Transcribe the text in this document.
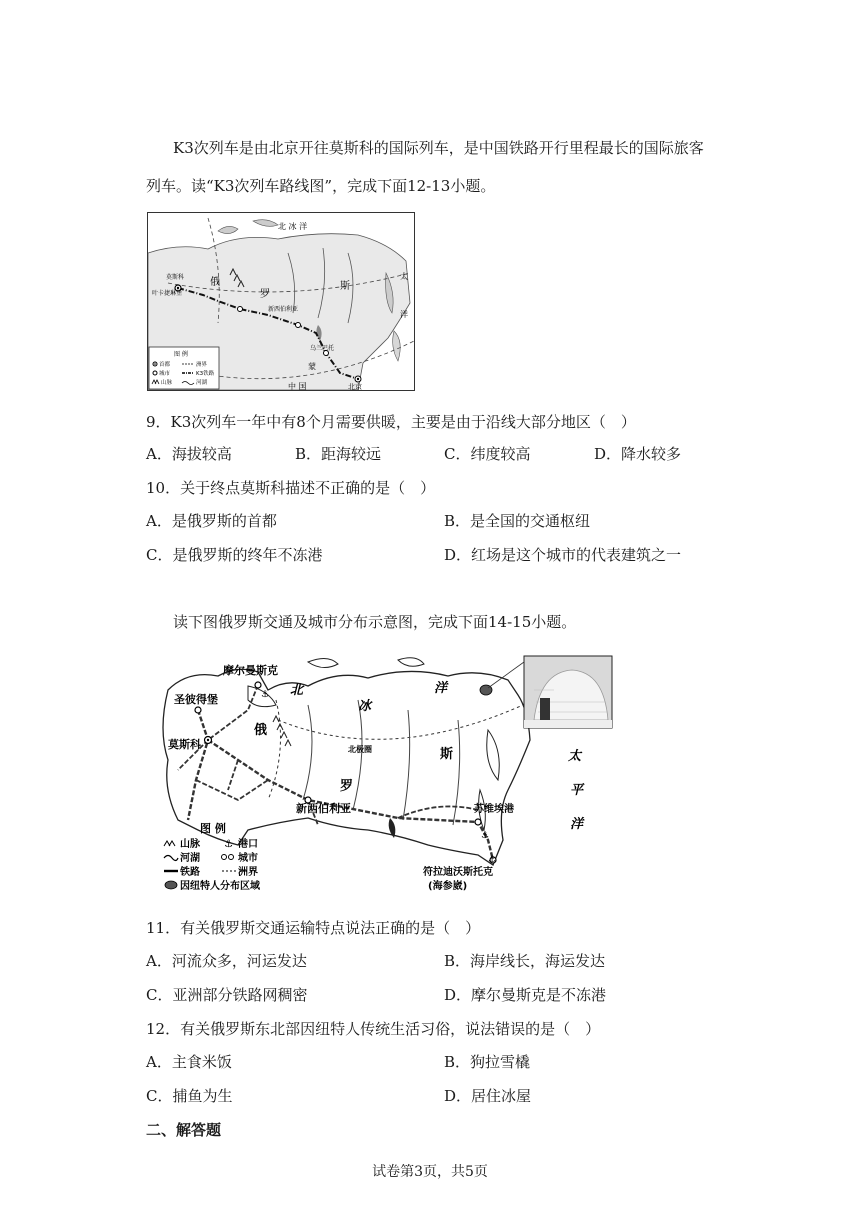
K3次列车是由北京开往莫斯科的国际列车，是中国铁路开行里程最长的国际旅客
列车。读“K3次列车路线图”，完成下面12-13小题。
北 冰 洋
莫斯科
叶卡捷琳堡
新西伯利亚
乌兰巴托
北京
中 国
蒙
俄
罗
斯
太
洋
图 例
首都
城市
山脉
洲界
K3铁路
河湖
9．K3次列车一年中有8个月需要供暖，主要是由于沿线大部分地区（　）
A．海拔较高	B．距海较远	C．纬度较高	D．降水较多
10．关于终点莫斯科描述不正确的是（　）
A．是俄罗斯的首都	B．是全国的交通枢纽
C．是俄罗斯的终年不冻港	D．红场是这个城市的代表建筑之一
读下图俄罗斯交通及城市分布示意图，完成下面14-15小题。
⚓
⚓
⚓
摩尔曼斯克
圣彼得堡
莫斯科
新西伯利亚	苏维埃港
符拉迪沃斯托克
(海参崴)
北
冰
洋
俄
罗
斯	太
平
洋
北极圈
图 例
山脉 ⚓ 港口
河湖	城市
铁路	洲界
因纽特人分布区域
11．有关俄罗斯交通运输特点说法正确的是（　）
A．河流众多，河运发达	B．海岸线长，海运发达
C．亚洲部分铁路网稠密	D．摩尔曼斯克是不冻港
12．有关俄罗斯东北部因纽特人传统生活习俗，说法错误的是（　）
A．主食米饭	B．狗拉雪橇
C．捕鱼为生	D．居住冰屋
二、解答题
试卷第3页，共5页
